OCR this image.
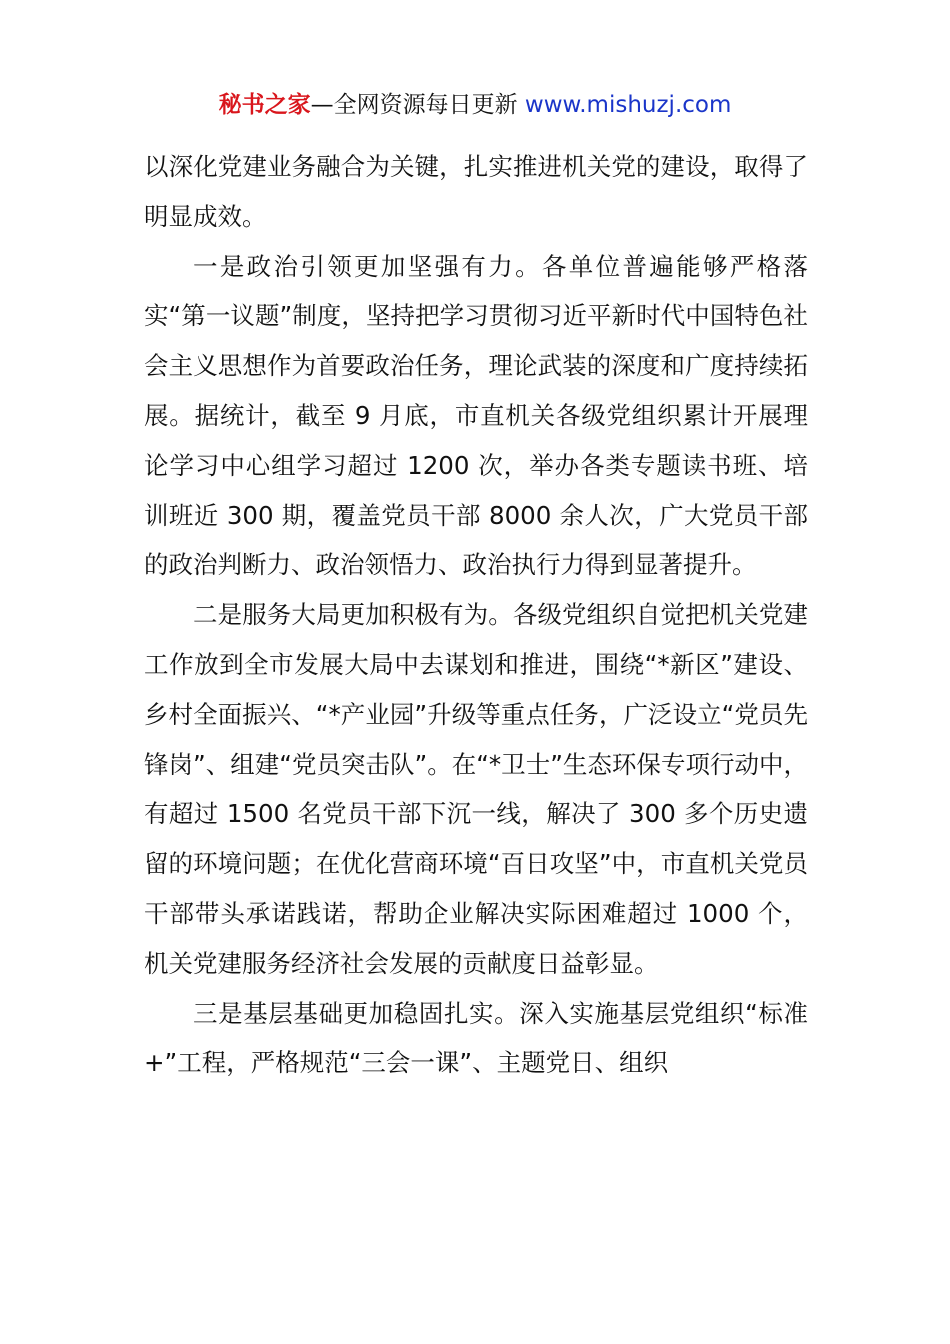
秘书之家—全网资源每日更新 www.mishuzj.com

以深化党建业务融合为关键，扎实推进机关党的建设，取得了明显成效。

一是政治引领更加坚强有力。各单位普遍能够严格落实“第一议题”制度，坚持把学习贯彻习近平新时代中国特色社会主义思想作为首要政治任务，理论武装的深度和广度持续拓展。据统计，截至 9 月底，市直机关各级党组织累计开展理论学习中心组学习超过 1200 次，举办各类专题读书班、培训班近 300 期，覆盖党员干部 8000 余人次，广大党员干部的政治判断力、政治领悟力、政治执行力得到显著提升。

二是服务大局更加积极有为。各级党组织自觉把机关党建工作放到全市发展大局中去谋划和推进，围绕“*新区”建设、乡村全面振兴、“*产业园”升级等重点任务，广泛设立“党员先锋岗”、组建“党员突击队”。在“*卫士”生态环保专项行动中，有超过 1500 名党员干部下沉一线，解决了 300 多个历史遗留的环境问题；在优化营商环境“百日攻坚”中，市直机关党员干部带头承诺践诺，帮助企业解决实际困难超过 1000 个，机关党建服务经济社会发展的贡献度日益彰显。

三是基层基础更加稳固扎实。深入实施基层党组织“标准+”工程，严格规范“三会一课”、主题党日、组织
